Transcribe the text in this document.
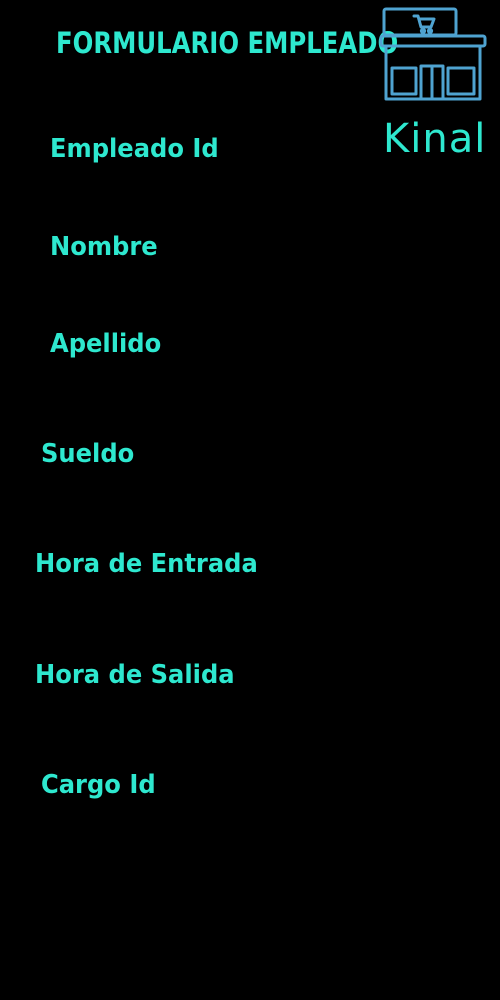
FORMULARIO EMPLEADO
Kinal
Empleado Id
Nombre
Apellido
Sueldo
Hora de Entrada
Hora de Salida
Cargo Id
